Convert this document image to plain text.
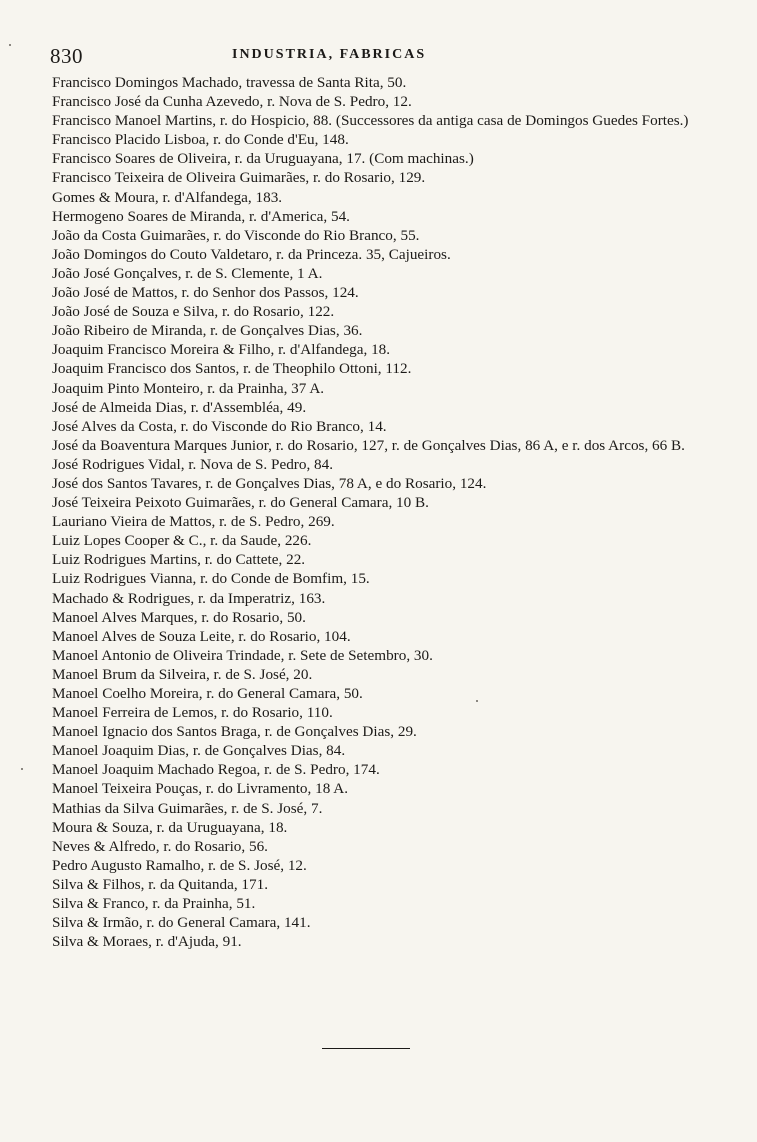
830	INDUSTRIA, FABRICAS
Francisco Domingos Machado, travessa de Santa Rita, 50.
Francisco José da Cunha Azevedo, r. Nova de S. Pedro, 12.
Francisco Manoel Martins, r. do Hospicio, 88. (Successores da antiga casa de Domingos Guedes Fortes.)
Francisco Placido Lisboa, r. do Conde d'Eu, 148.
Francisco Soares de Oliveira, r. da Uruguayana, 17. (Com machinas.)
Francisco Teixeira de Oliveira Guimarães, r. do Rosario, 129.
Gomes & Moura, r. d'Alfandega, 183.
Hermogeno Soares de Miranda, r. d'America, 54.
João da Costa Guimarães, r. do Visconde do Rio Branco, 55.
João Domingos do Couto Valdetaro, r. da Princeza. 35, Cajueiros.
João José Gonçalves, r. de S. Clemente, 1 A.
João José de Mattos, r. do Senhor dos Passos, 124.
João José de Souza e Silva, r. do Rosario, 122.
João Ribeiro de Miranda, r. de Gonçalves Dias, 36.
Joaquim Francisco Moreira & Filho, r. d'Alfandega, 18.
Joaquim Francisco dos Santos, r. de Theophilo Ottoni, 112.
Joaquim Pinto Monteiro, r. da Prainha, 37 A.
José de Almeida Dias, r. d'Assembléa, 49.
José Alves da Costa, r. do Visconde do Rio Branco, 14.
José da Boaventura Marques Junior, r. do Rosario, 127, r. de Gonçalves Dias, 86 A, e r. dos Arcos, 66 B.
José Rodrigues Vidal, r. Nova de S. Pedro, 84.
José dos Santos Tavares, r. de Gonçalves Dias, 78 A, e do Rosario, 124.
José Teixeira Peixoto Guimarães, r. do General Camara, 10 B.
Lauriano Vieira de Mattos, r. de S. Pedro, 269.
Luiz Lopes Cooper & C., r. da Saude, 226.
Luiz Rodrigues Martins, r. do Cattete, 22.
Luiz Rodrigues Vianna, r. do Conde de Bomfim, 15.
Machado & Rodrigues, r. da Imperatriz, 163.
Manoel Alves Marques, r. do Rosario, 50.
Manoel Alves de Souza Leite, r. do Rosario, 104.
Manoel Antonio de Oliveira Trindade, r. Sete de Setembro, 30.
Manoel Brum da Silveira, r. de S. José, 20.
Manoel Coelho Moreira, r. do General Camara, 50.
Manoel Ferreira de Lemos, r. do Rosario, 110.
Manoel Ignacio dos Santos Braga, r. de Gonçalves Dias, 29.
Manoel Joaquim Dias, r. de Gonçalves Dias, 84.
Manoel Joaquim Machado Regoa, r. de S. Pedro, 174.
Manoel Teixeira Pouças, r. do Livramento, 18 A.
Mathias da Silva Guimarães, r. de S. José, 7.
Moura & Souza, r. da Uruguayana, 18.
Neves & Alfredo, r. do Rosario, 56.
Pedro Augusto Ramalho, r. de S. José, 12.
Silva & Filhos, r. da Quitanda, 171.
Silva & Franco, r. da Prainha, 51.
Silva & Irmão, r. do General Camara, 141.
Silva & Moraes, r. d'Ajuda, 91.
